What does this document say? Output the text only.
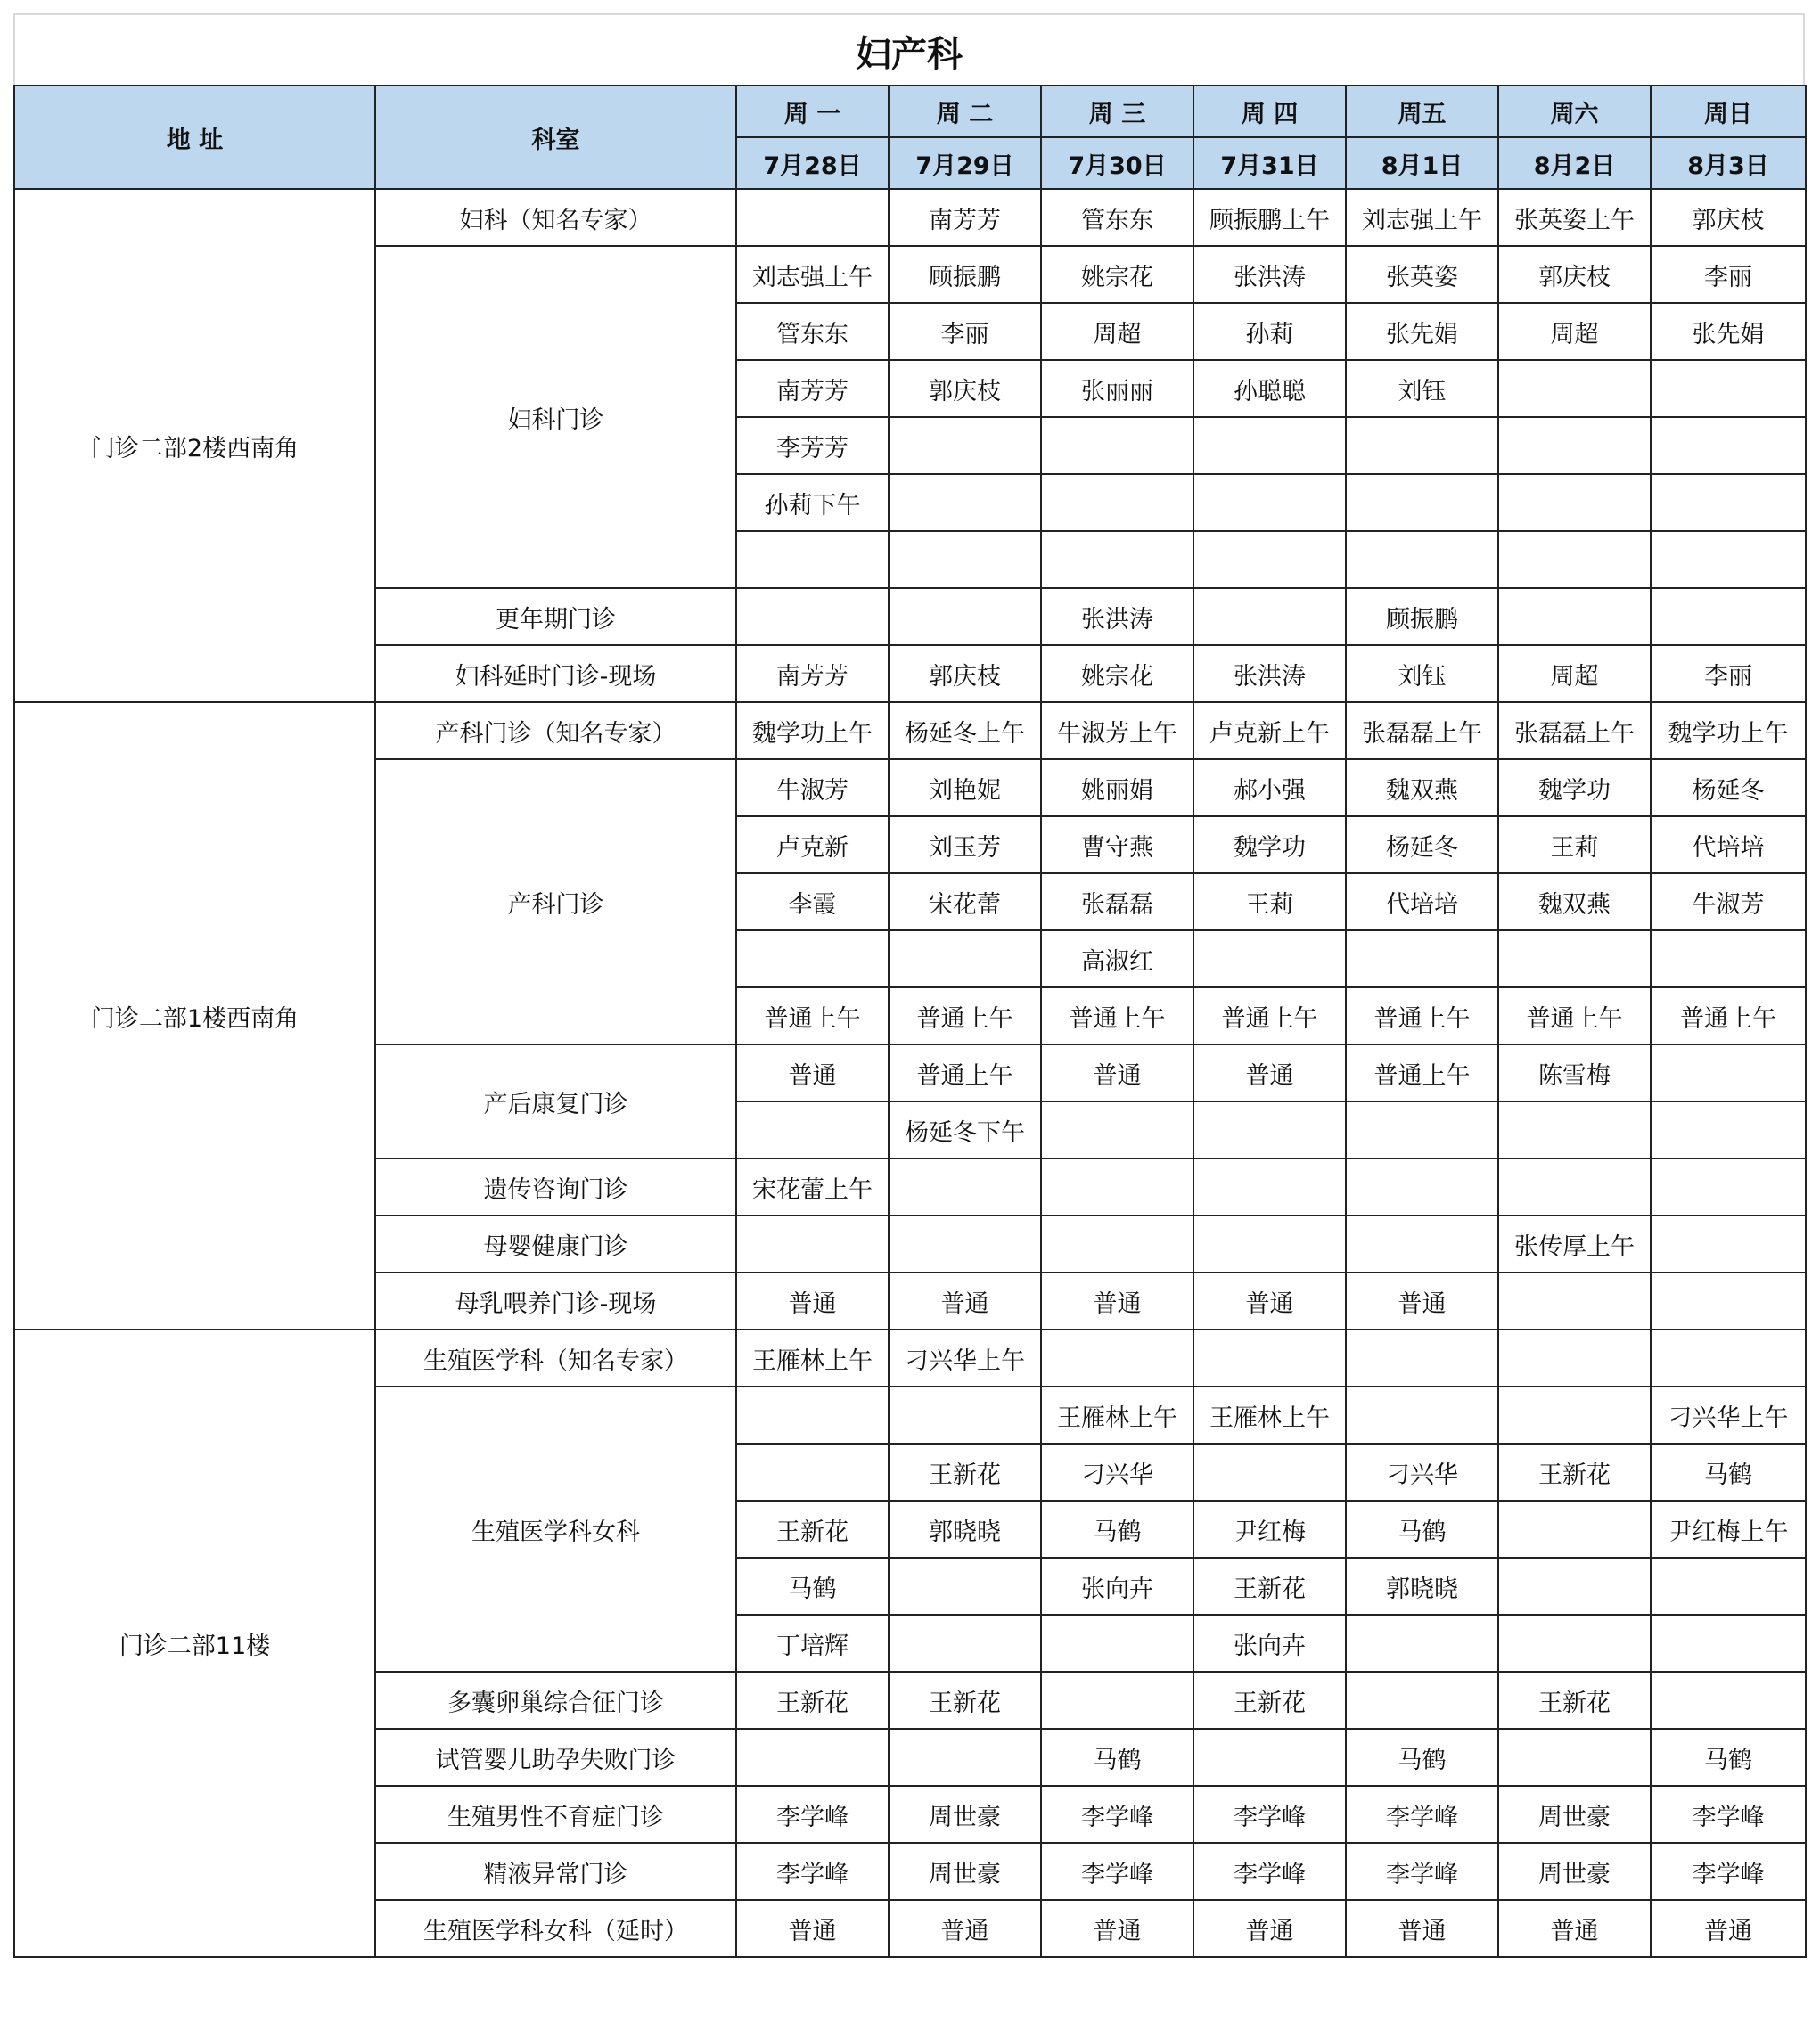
妇产科
地 址	科室	周 一	周 二	周 三	周 四	周五	周六	周日
		7月28日	7月29日	7月30日	7月31日	8月1日	8月2日	8月3日
门诊二部2楼西南角	妇科（知名专家）		南芳芳	管东东	顾振鹏上午	刘志强上午	张英姿上午	郭庆枝
	妇科门诊	刘志强上午	顾振鹏	姚宗花	张洪涛	张英姿	郭庆枝	李丽
		管东东	李丽	周超	孙莉	张先娟	周超	张先娟
		南芳芳	郭庆枝	张丽丽	孙聪聪	刘钰		
		李芳芳						
		孙莉下午						

	更年期门诊			张洪涛		顾振鹏		
	妇科延时门诊-现场	南芳芳	郭庆枝	姚宗花	张洪涛	刘钰	周超	李丽
门诊二部1楼西南角	产科门诊（知名专家）	魏学功上午	杨延冬上午	牛淑芳上午	卢克新上午	张磊磊上午	张磊磊上午	魏学功上午
	产科门诊	牛淑芳	刘艳妮	姚丽娟	郝小强	魏双燕	魏学功	杨延冬
		卢克新	刘玉芳	曹守燕	魏学功	杨延冬	王莉	代培培
		李霞	宋花蕾	张磊磊	王莉	代培培	魏双燕	牛淑芳
				高淑红				
		普通上午	普通上午	普通上午	普通上午	普通上午	普通上午	普通上午
	产后康复门诊	普通	普通上午	普通	普通	普通上午	陈雪梅	
			杨延冬下午					
	遗传咨询门诊	宋花蕾上午						
	母婴健康门诊						张传厚上午	
	母乳喂养门诊-现场	普通	普通	普通	普通	普通		
门诊二部11楼	生殖医学科（知名专家）	王雁林上午	刁兴华上午					
	生殖医学科女科			王雁林上午	王雁林上午			刁兴华上午
			王新花	刁兴华		刁兴华	王新花	马鹤
		王新花	郭晓晓	马鹤	尹红梅	马鹤		尹红梅上午
		马鹤		张向卉	王新花	郭晓晓		
		丁培辉			张向卉			
	多囊卵巢综合征门诊	王新花	王新花		王新花		王新花	
	试管婴儿助孕失败门诊			马鹤		马鹤		马鹤
	生殖男性不育症门诊	李学峰	周世豪	李学峰	李学峰	李学峰	周世豪	李学峰
	精液异常门诊	李学峰	周世豪	李学峰	李学峰	李学峰	周世豪	李学峰
	生殖医学科女科（延时）	普通	普通	普通	普通	普通	普通	普通
